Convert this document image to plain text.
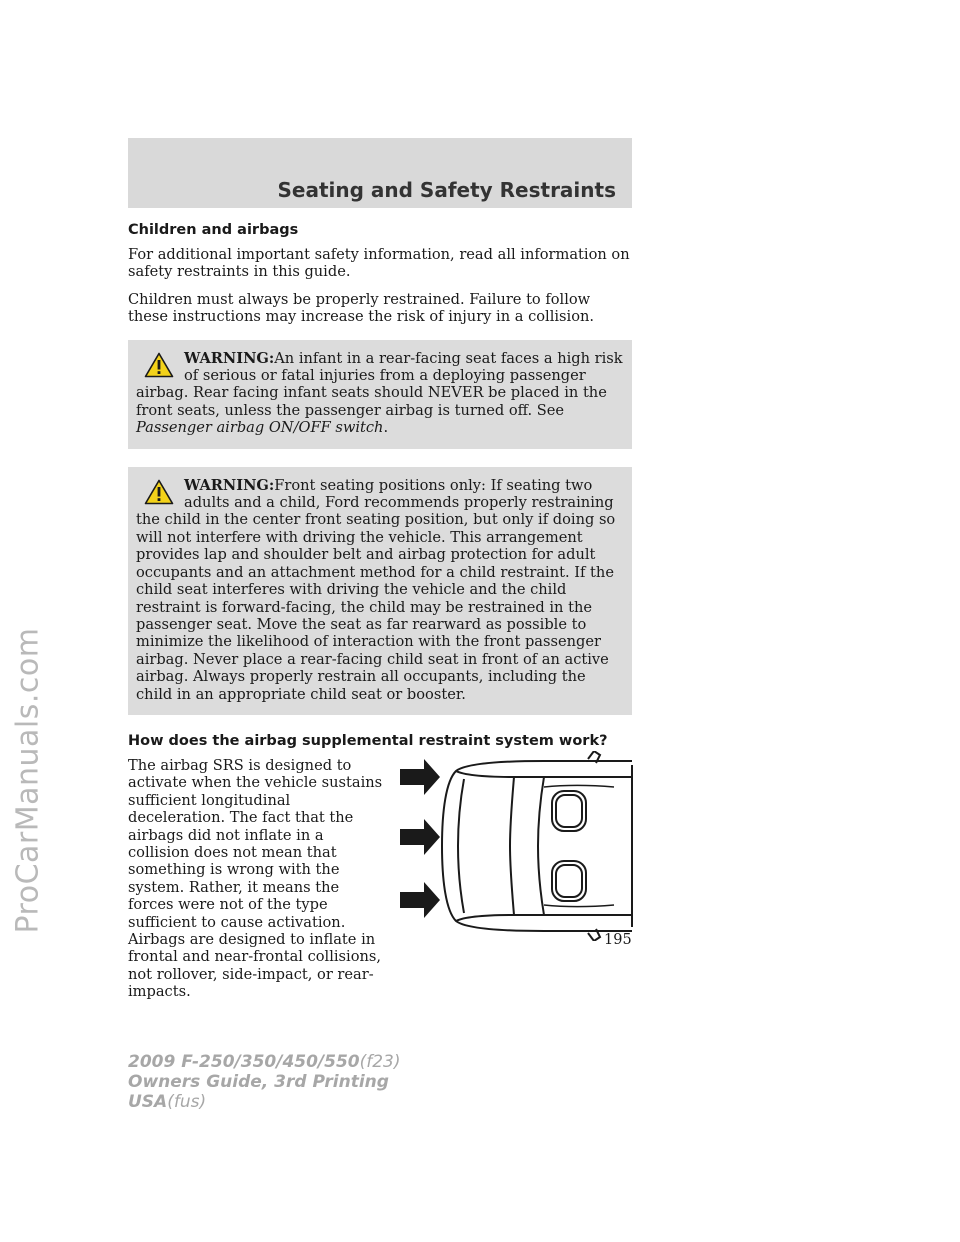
ProCarManuals.com
Seating and Safety Restraints
Children and airbags

For additional important safety information, read all information on safety restraints in this guide.

Children must always be properly restrained. Failure to follow these instructions may increase the risk of injury in a collision.

WARNING:An infant in a rear-facing seat faces a high risk of serious or fatal injuries from a deploying passenger airbag. Rear facing infant seats should NEVER be placed in the front seats, unless the passenger airbag is turned off. See Passenger airbag ON/OFF switch.

WARNING:Front seating positions only: If seating two adults and a child, Ford recommends properly restraining the child in the center front seating position, but only if doing so will not interfere with driving the vehicle. This arrangement provides lap and shoulder belt and airbag protection for adult occupants and an attachment method for a child restraint. If the child seat interferes with driving the vehicle and the child restraint is forward-facing, the child may be restrained in the passenger seat. Move the seat as far rearward as possible to minimize the likelihood of interaction with the front passenger airbag. Never place a rear-facing child seat in front of an active airbag. Always properly restrain all occupants, including the child in an appropriate child seat or booster.

How does the airbag supplemental restraint system work?

The airbag SRS is designed to activate when the vehicle sustains sufficient longitudinal deceleration. The fact that the airbags did not inflate in a collision does not mean that something is wrong with the system. Rather, it means the forces were not of the type sufficient to cause activation. Airbags are designed to inflate in frontal and near-frontal collisions, not rollover, side-impact, or rear-impacts.

195
2009 F-250/350/450/550(f23)
Owners Guide, 3rd Printing
USA(fus)
